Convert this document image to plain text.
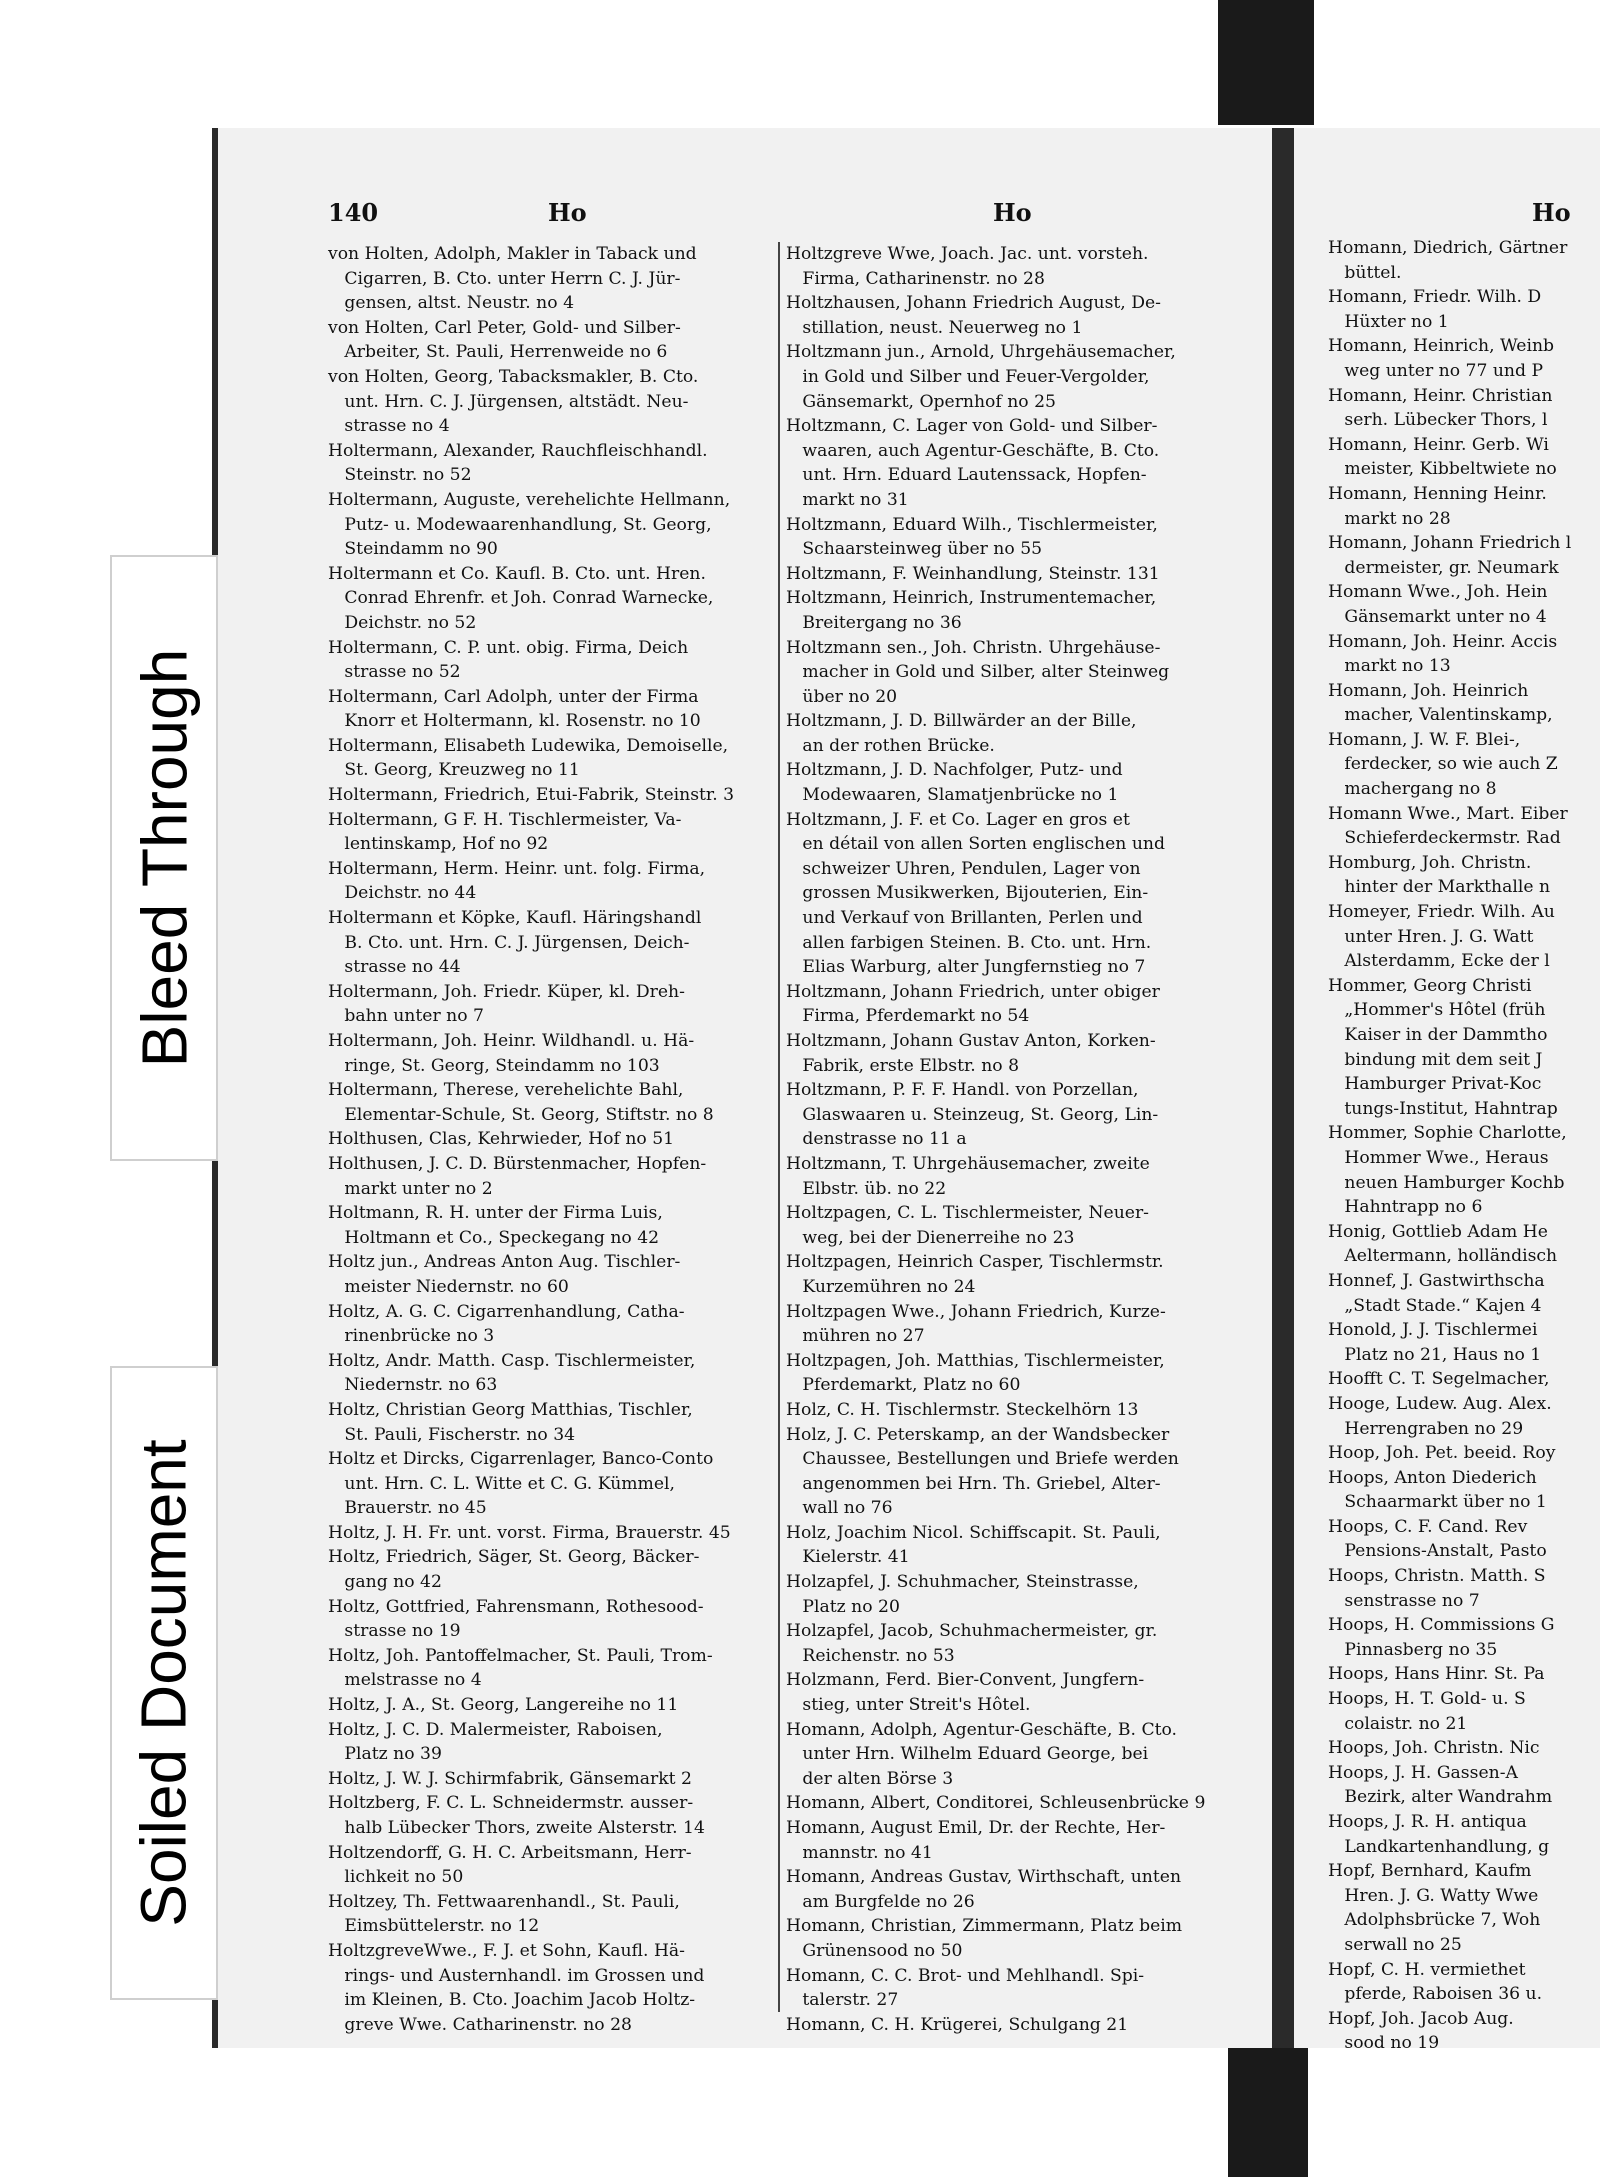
Bleed Through
Soiled Document
140	Ho	Ho	Ho
von Holten, Adolph, Makler in Taback und
Cigarren, B. Cto. unter Herrn C. J. Jür-
gensen, altst. Neustr. no 4
von Holten, Carl Peter, Gold- und Silber-
Arbeiter, St. Pauli, Herrenweide no 6
von Holten, Georg, Tabacksmakler, B. Cto.
unt. Hrn. C. J. Jürgensen, altstädt. Neu-
strasse no 4
Holtermann, Alexander, Rauchfleischhandl.
Steinstr. no 52
Holtermann, Auguste, verehelichte Hellmann,
Putz- u. Modewaarenhandlung, St. Georg,
Steindamm no 90
Holtermann et Co. Kaufl. B. Cto. unt. Hren.
Conrad Ehrenfr. et Joh. Conrad Warnecke,
Deichstr. no 52
Holtermann, C. P. unt. obig. Firma, Deich
strasse no 52
Holtermann, Carl Adolph, unter der Firma
Knorr et Holtermann, kl. Rosenstr. no 10
Holtermann, Elisabeth Ludewika, Demoiselle,
St. Georg, Kreuzweg no 11
Holtermann, Friedrich, Etui-Fabrik, Steinstr. 3
Holtermann, G F. H. Tischlermeister, Va-
lentinskamp, Hof no 92
Holtermann, Herm. Heinr. unt. folg. Firma,
Deichstr. no 44
Holtermann et Köpke, Kaufl. Häringshandl
B. Cto. unt. Hrn. C. J. Jürgensen, Deich-
strasse no 44
Holtermann, Joh. Friedr. Küper, kl. Dreh-
bahn unter no 7
Holtermann, Joh. Heinr. Wildhandl. u. Hä-
ringe, St. Georg, Steindamm no 103
Holtermann, Therese, verehelichte Bahl,
Elementar-Schule, St. Georg, Stiftstr. no 8
Holthusen, Clas, Kehrwieder, Hof no 51
Holthusen, J. C. D. Bürstenmacher, Hopfen-
markt unter no 2
Holtmann, R. H. unter der Firma Luis,
Holtmann et Co., Speckegang no 42
Holtz jun., Andreas Anton Aug. Tischler-
meister Niedernstr. no 60
Holtz, A. G. C. Cigarrenhandlung, Catha-
rinenbrücke no 3
Holtz, Andr. Matth. Casp. Tischlermeister,
Niedernstr. no 63
Holtz, Christian Georg Matthias, Tischler,
St. Pauli, Fischerstr. no 34
Holtz et Dircks, Cigarrenlager, Banco-Conto
unt. Hrn. C. L. Witte et C. G. Kümmel,
Brauerstr. no 45
Holtz, J. H. Fr. unt. vorst. Firma, Brauerstr. 45
Holtz, Friedrich, Säger, St. Georg, Bäcker-
gang no 42
Holtz, Gottfried, Fahrensmann, Rothesood-
strasse no 19
Holtz, Joh. Pantoffelmacher, St. Pauli, Trom-
melstrasse no 4
Holtz, J. A., St. Georg, Langereihe no 11
Holtz, J. C. D. Malermeister, Raboisen,
Platz no 39
Holtz, J. W. J. Schirmfabrik, Gänsemarkt 2
Holtzberg, F. C. L. Schneidermstr. ausser-
halb Lübecker Thors, zweite Alsterstr. 14
Holtzendorff, G. H. C. Arbeitsmann, Herr-
lichkeit no 50
Holtzey, Th. Fettwaarenhandl., St. Pauli,
Eimsbüttelerstr. no 12
HoltzgreveWwe., F. J. et Sohn, Kaufl. Hä-
rings- und Austernhandl. im Grossen und
im Kleinen, B. Cto. Joachim Jacob Holtz-
greve Wwe. Catharinenstr. no 28
Holtzgreve Wwe, Joach. Jac. unt. vorsteh.
Firma, Catharinenstr. no 28
Holtzhausen, Johann Friedrich August, De-
stillation, neust. Neuerweg no 1
Holtzmann jun., Arnold, Uhrgehäusemacher,
in Gold und Silber und Feuer-Vergolder,
Gänsemarkt, Opernhof no 25
Holtzmann, C. Lager von Gold- und Silber-
waaren, auch Agentur-Geschäfte, B. Cto.
unt. Hrn. Eduard Lautenssack, Hopfen-
markt no 31
Holtzmann, Eduard Wilh., Tischlermeister,
Schaarsteinweg über no 55
Holtzmann, F. Weinhandlung, Steinstr. 131
Holtzmann, Heinrich, Instrumentemacher,
Breitergang no 36
Holtzmann sen., Joh. Christn. Uhrgehäuse-
macher in Gold und Silber, alter Steinweg
über no 20
Holtzmann, J. D. Billwärder an der Bille,
an der rothen Brücke.
Holtzmann, J. D. Nachfolger, Putz- und
Modewaaren, Slamatjenbrücke no 1
Holtzmann, J. F. et Co. Lager en gros et
en détail von allen Sorten englischen und
schweizer Uhren, Pendulen, Lager von
grossen Musikwerken, Bijouterien, Ein-
und Verkauf von Brillanten, Perlen und
allen farbigen Steinen. B. Cto. unt. Hrn.
Elias Warburg, alter Jungfernstieg no 7
Holtzmann, Johann Friedrich, unter obiger
Firma, Pferdemarkt no 54
Holtzmann, Johann Gustav Anton, Korken-
Fabrik, erste Elbstr. no 8
Holtzmann, P. F. F. Handl. von Porzellan,
Glaswaaren u. Steinzeug, St. Georg, Lin-
denstrasse no 11 a
Holtzmann, T. Uhrgehäusemacher, zweite
Elbstr. üb. no 22
Holtzpagen, C. L. Tischlermeister, Neuer-
weg, bei der Dienerreihe no 23
Holtzpagen, Heinrich Casper, Tischlermstr.
Kurzemühren no 24
Holtzpagen Wwe., Johann Friedrich, Kurze-
mühren no 27
Holtzpagen, Joh. Matthias, Tischlermeister,
Pferdemarkt, Platz no 60
Holz, C. H. Tischlermstr. Steckelhörn 13
Holz, J. C. Peterskamp, an der Wandsbecker
Chaussee, Bestellungen und Briefe werden
angenommen bei Hrn. Th. Griebel, Alter-
wall no 76
Holz, Joachim Nicol. Schiffscapit. St. Pauli,
Kielerstr. 41
Holzapfel, J. Schuhmacher, Steinstrasse,
Platz no 20
Holzapfel, Jacob, Schuhmachermeister, gr.
Reichenstr. no 53
Holzmann, Ferd. Bier-Convent, Jungfern-
stieg, unter Streit's Hôtel.
Homann, Adolph, Agentur-Geschäfte, B. Cto.
unter Hrn. Wilhelm Eduard George, bei
der alten Börse 3
Homann, Albert, Conditorei, Schleusenbrücke 9
Homann, August Emil, Dr. der Rechte, Her-
mannstr. no 41
Homann, Andreas Gustav, Wirthschaft, unten
am Burgfelde no 26
Homann, Christian, Zimmermann, Platz beim
Grünensood no 50
Homann, C. C. Brot- und Mehlhandl. Spi-
talerstr. 27
Homann, C. H. Krügerei, Schulgang 21
Homann, Diedrich, Gärtner
büttel.
Homann, Friedr. Wilh. D
Hüxter no 1
Homann, Heinrich, Weinb
weg unter no 77 und P
Homann, Heinr. Christian
serh. Lübecker Thors, l
Homann, Heinr. Gerb. Wi
meister, Kibbeltwiete no
Homann, Henning Heinr.
markt no 28
Homann, Johann Friedrich l
dermeister, gr. Neumark
Homann Wwe., Joh. Hein
Gänsemarkt unter no 4
Homann, Joh. Heinr. Accis
markt no 13
Homann, Joh. Heinrich
macher, Valentinskamp,
Homann, J. W. F. Blei-,
ferdecker, so wie auch Z
machergang no 8
Homann Wwe., Mart. Eiber
Schieferdeckermstr. Rad
Homburg, Joh. Christn.
hinter der Markthalle n
Homeyer, Friedr. Wilh. Au
unter Hren. J. G. Watt
Alsterdamm, Ecke der l
Hommer, Georg Christi
„Hommer's Hôtel (früh
Kaiser in der Dammtho
bindung mit dem seit J
Hamburger Privat-Koc
tungs-Institut, Hahntrap
Hommer, Sophie Charlotte,
Hommer Wwe., Heraus
neuen Hamburger Kochb
Hahntrapp no 6
Honig, Gottlieb Adam He
Aeltermann, holländisch
Honnef, J. Gastwirthscha
„Stadt Stade.“ Kajen 4
Honold, J. J. Tischlermei
Platz no 21, Haus no 1
Hoofft C. T. Segelmacher,
Hooge, Ludew. Aug. Alex.
Herrengraben no 29
Hoop, Joh. Pet. beeid. Roy
Hoops, Anton Diederich
Schaarmarkt über no 1
Hoops, C. F. Cand. Rev
Pensions-Anstalt, Pasto
Hoops, Christn. Matth. S
senstrasse no 7
Hoops, H. Commissions G
Pinnasberg no 35
Hoops, Hans Hinr. St. Pa
Hoops, H. T. Gold- u. S
colaistr. no 21
Hoops, Joh. Christn. Nic
Hoops, J. H. Gassen-A
Bezirk, alter Wandrahm
Hoops, J. R. H. antiqua
Landkartenhandlung, g
Hopf, Bernhard, Kaufm
Hren. J. G. Watty Wwe
Adolphsbrücke 7, Woh
serwall no 25
Hopf, C. H. vermiethet
pferde, Raboisen 36 u.
Hopf, Joh. Jacob Aug.
sood no 19
